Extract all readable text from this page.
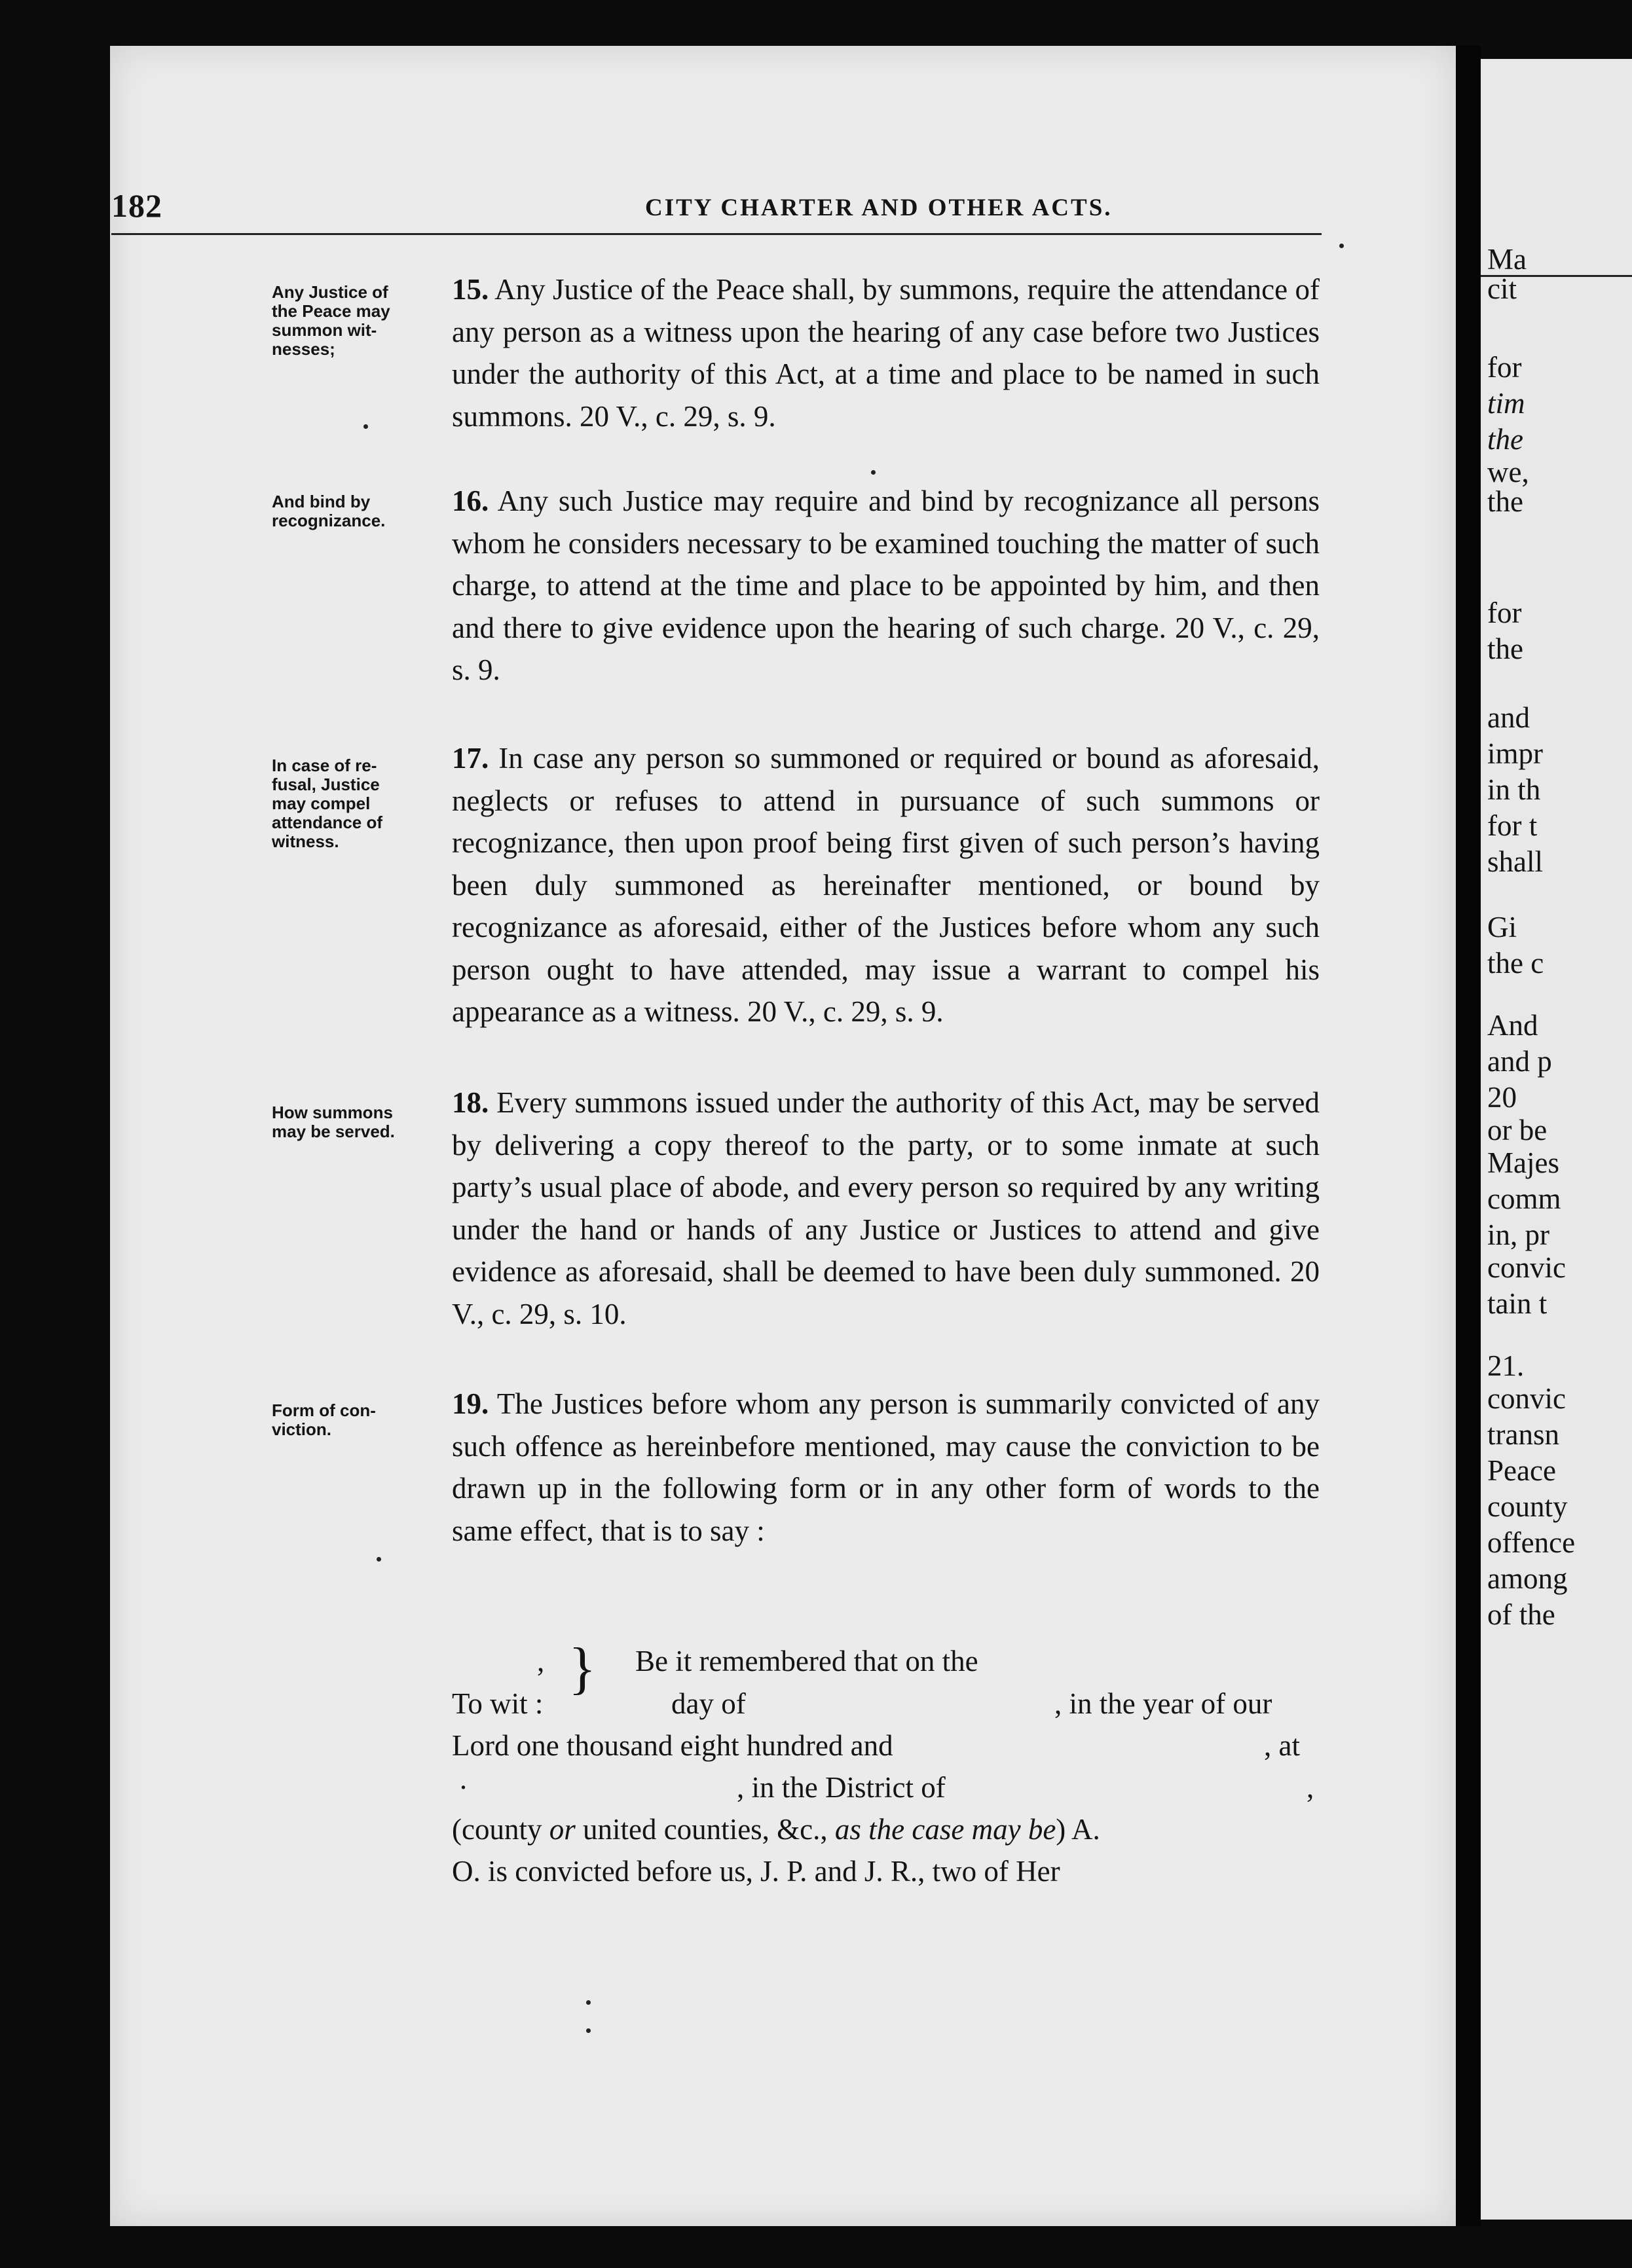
Ma
cit
for
tim
the
we,
the
for
the
and
impr
in th
for t
shall
Gi
the c
And
and p
20
or be
Majes
comm
in, pr
convic
tain t
21.
convic
transn
Peace
county
offence
among
of the
182	CITY CHARTER AND OTHER ACTS.
Any Justice of
the Peace may
summon wit-
nesses;
And bind by
recognizance.
In case of re-
fusal, Justice
may compel
attendance of
witness.
How summons
may be served.
Form of con-
viction.
15. Any Justice of the Peace shall, by summons, require the attendance of any person as a witness upon the hearing of any case before two Justices under the authority of this Act, at a time and place to be named in such summons. 20 V., c. 29, s. 9.
16. Any such Justice may require and bind by recognizance all persons whom he considers necessary to be examined touching the matter of such charge, to attend at the time and place to be appointed by him, and then and there to give evidence upon the hearing of such charge. 20 V., c. 29, s. 9.
17. In case any person so summoned or required or bound as aforesaid, neglects or refuses to attend in pursuance of such summons or recognizance, then upon proof being first given of such person’s having been duly summoned as hereinafter mentioned, or bound by recognizance as aforesaid, either of the Justices before whom any such person ought to have attended, may issue a warrant to compel his appearance as a witness. 20 V., c. 29, s. 9.
18. Every summons issued under the authority of this Act, may be served by delivering a copy thereof to the party, or to some inmate at such party’s usual place of abode, and every person so required by any writing under the hand or hands of any Justice or Justices to attend and give evidence as aforesaid, shall be deemed to have been duly summoned. 20 V., c. 29, s. 10.
19. The Justices before whom any person is summarily convicted of any such offence as hereinbefore mentioned, may cause the conviction to be drawn up in the following form or in any other form of words to the same effect, that is to say :
, } Be it remembered that on the
To wit :	day of	, in the year of our
Lord one thousand eight hundred and	, at
·	, in the District of	,
(county or united counties, &c., as the case may be) A.
O. is convicted before us, J. P. and J. R., two of Her
